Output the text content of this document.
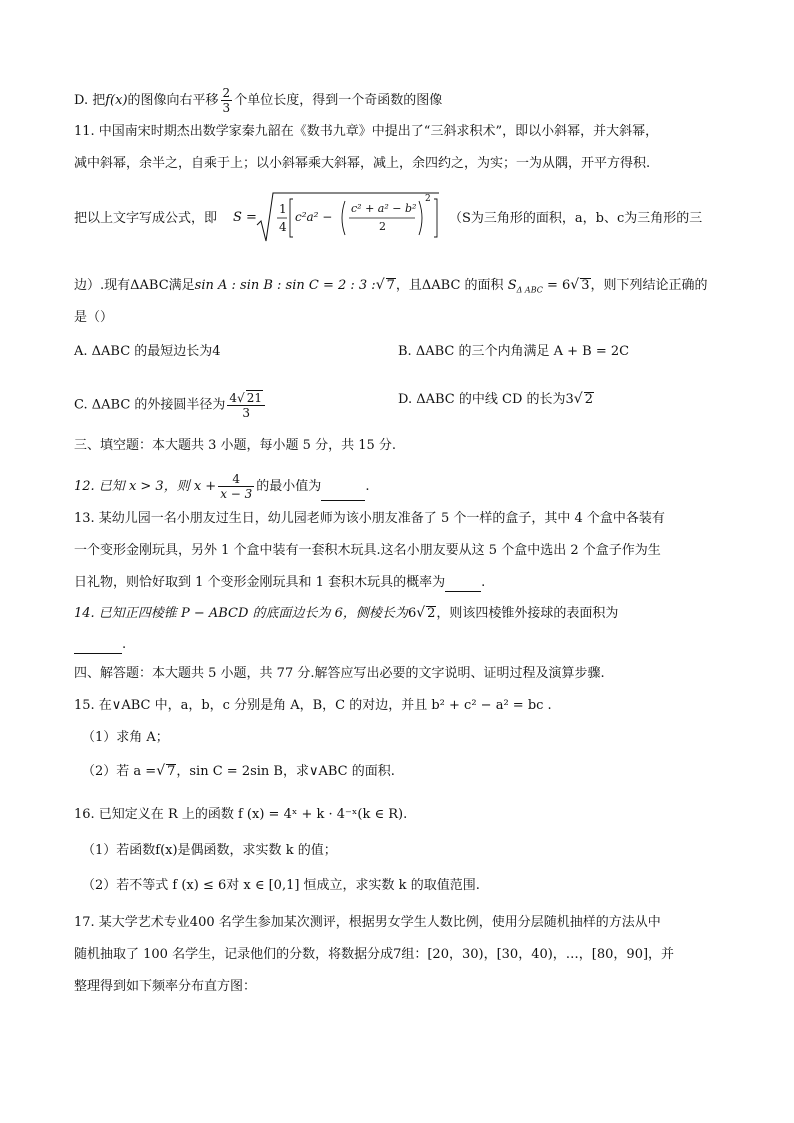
D. 把f(x)的图像向右平移 $\frac{2}{3}$ 个单位长度，得到一个奇函数的图像
11. 中国南宋时期杰出数学家秦九韶在《数书九章》中提出了“三斜求积术”，即以小斜幂，并大斜幂，
减中斜幂，余半之，自乘于上；以小斜幂乘大斜幂，减上，余四约之，为实；一为从隅，开平方得积.
把以上文字写成公式，即 S =
1
4
c²a² −
c² + a² − b²
2
2
（S为三角形的面积，a，b、c为三角形的三
边）.现有ΔABC满足sin A : sin B : sin C = 2 : 3 :√ 7，且ΔABC 的面积 $S_{\Delta ABC} = 6√$ 3，则下列结论正确的
是（）
A. ΔABC 的最短边长为4	B. ΔABC 的三个内角满足 A + B = 2C
C. ΔABC 的外接圆半径为 $\frac{4√ 21}{3}$	D. ΔABC 的中线 CD 的长为3√ 2
三、填空题：本大题共 3 小题，每小题 5 分，共 15 分.
12. 已知 x > 3，则 $x + \frac{4}{x - 3}$ 的最小值为	.
13. 某幼儿园一名小朋友过生日，幼儿园老师为该小朋友准备了 5 个一样的盒子，其中 4 个盒中各装有
一个变形金刚玩具，另外 1 个盒中装有一套积木玩具.这名小朋友要从这 5 个盒中选出 2 个盒子作为生
日礼物，则恰好取到 1 个变形金刚玩具和 1 套积木玩具的概率为	.
14. 已知正四棱锥 P − ABCD 的底面边长为 6，侧棱长为6√ 2，则该四棱锥外接球的表面积为
.
四、解答题：本大题共 5 小题，共 77 分.解答应写出必要的文字说明、证明过程及演算步骤.
15. 在∨ABC 中，a，b，c 分别是角 A，B，C 的对边，并且 b² + c² − a² = bc .
（1）求角 A；
（2）若 a =√ 7，sin C = 2sin B，求∨ABC 的面积.
16. 已知定义在 R 上的函数 f (x) = 4ˣ + k · 4⁻ˣ(k ∈ R).
（1）若函数f(x)是偶函数，求实数 k 的值；
（2）若不等式 f (x) ≤ 6对 x ∈ [0,1] 恒成立，求实数 k 的取值范围.
17. 某大学艺术专业400 名学生参加某次测评，根据男女学生人数比例，使用分层随机抽样的方法从中
随机抽取了 100 名学生，记录他们的分数，将数据分成7组：[20，30)，[30，40)，…，[80，90]，并
整理得到如下频率分布直方图：
